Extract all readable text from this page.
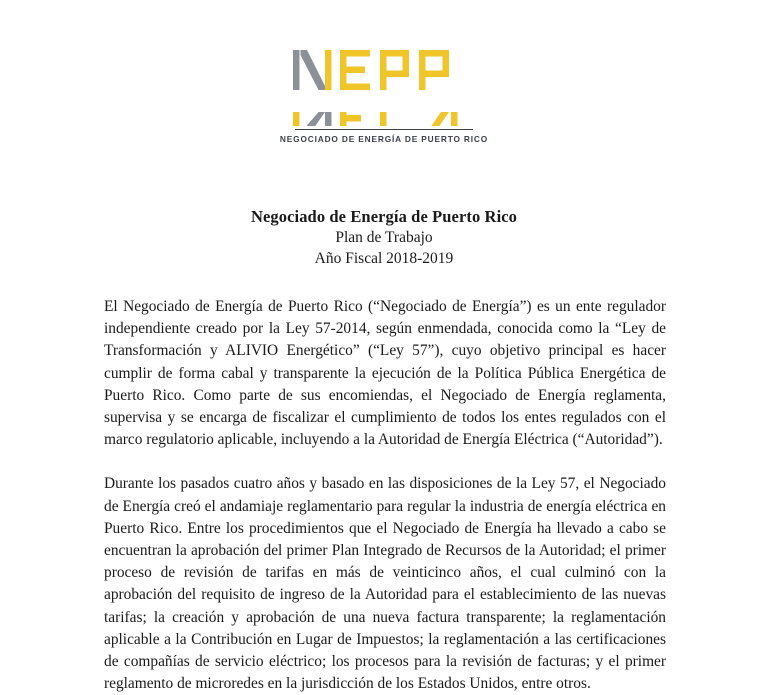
NEGOCIADO DE ENERGÍA DE PUERTO RICO
Negociado de Energía de Puerto Rico
Plan de Trabajo
Año Fiscal 2018-2019

El Negociado de Energía de Puerto Rico (“Negociado de Energía”) es un ente regulador independiente creado por la Ley 57-2014, según enmendada, conocida como la “Ley de Transformación y ALIVIO Energético” (“Ley 57”), cuyo objetivo principal es hacer cumplir de forma cabal y transparente la ejecución de la Política Pública Energética de Puerto Rico. Como parte de sus encomiendas, el Negociado de Energía reglamenta, supervisa y se encarga de fiscalizar el cumplimiento de todos los entes regulados con el marco regulatorio aplicable, incluyendo a la Autoridad de Energía Eléctrica (“Autoridad”).

Durante los pasados cuatro años y basado en las disposiciones de la Ley 57, el Negociado de Energía creó el andamiaje reglamentario para regular la industria de energía eléctrica en Puerto Rico. Entre los procedimientos que el Negociado de Energía ha llevado a cabo se encuentran la aprobación del primer Plan Integrado de Recursos de la Autoridad; el primer proceso de revisión de tarifas en más de veinticinco años, el cual culminó con la aprobación del requisito de ingreso de la Autoridad para el establecimiento de las nuevas tarifas; la creación y aprobación de una nueva factura transparente; la reglamentación aplicable a la Contribución en Lugar de Impuestos; la reglamentación a las certificaciones de compañías de servicio eléctrico; los procesos para la revisión de facturas; y el primer reglamento de microredes en la jurisdicción de los Estados Unidos, entre otros.
